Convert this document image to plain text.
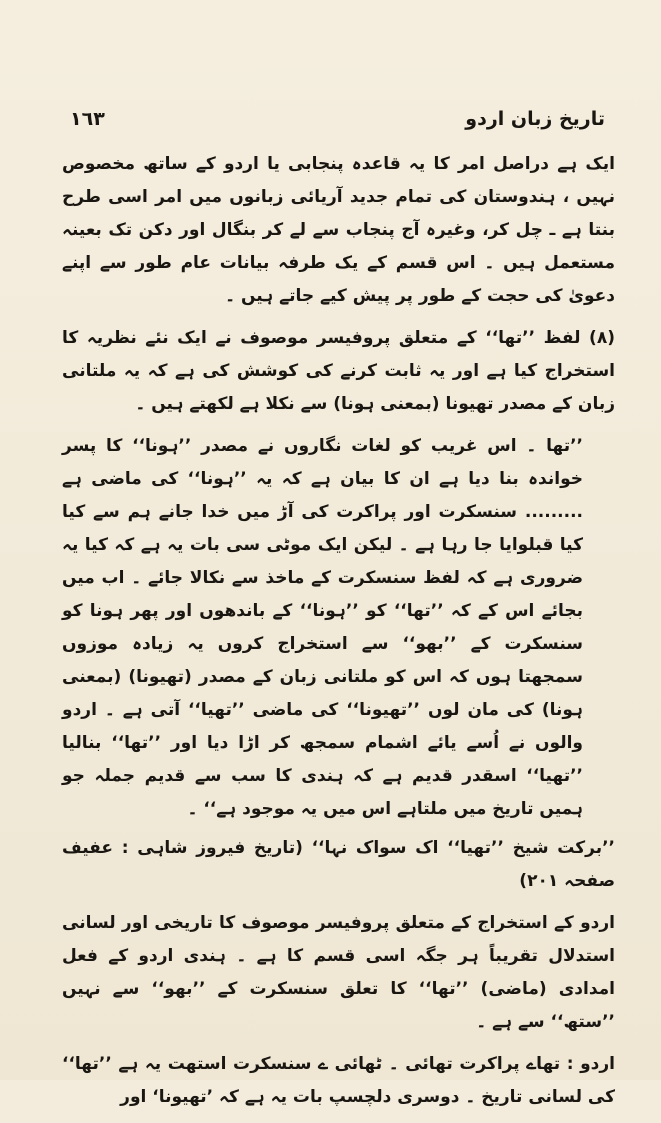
١٦٣	تاریخ زبان اردو

ایک ہے دراصل امر کا یہ قاعدہ پنجابی یا اردو کے ساتھ مخصوص نہیں ، ہندوستان کی تمام جدید آریائی زبانوں میں امر اسی طرح بنتا ہے ـ چل کر، وغیرہ آج پنجاب سے لے کر بنگال اور دکن تک بعینہ مستعمل ہیں ۔ اس قسم کے یک طرفہ بیانات عام طور سے اپنے دعویٰ کی حجت کے طور پر پیش کیے جاتے ہیں ۔

(۸) لفظ ’’تھا‘‘ کے متعلق پروفیسر موصوف نے ایک نئے نظریہ کا استخراج کیا ہے اور یہ ثابت کرنے کی کوشش کی ہے کہ یہ ملتانی زبان کے مصدر تھیونا (بمعنی ہونا) سے نکلا ہے لکھتے ہیں ۔

’’تھا ۔ اس غریب کو لغات نگاروں نے مصدر ’’ہونا‘‘ کا پسر خواندہ بنا دیا ہے ان کا بیان ہے کہ یہ ’’ہونا‘‘ کی ماضی ہے ......... سنسکرت اور پراکرت کی آڑ میں خدا جانے ہم سے کیا کیا قبلوایا جا رہا ہے ۔ لیکن ایک موٹی سی بات یہ ہے کہ کیا یہ ضروری ہے کہ لفظ سنسکرت کے ماخذ سے نکالا جائے ۔ اب میں بجائے اس کے کہ ’’تھا‘‘ کو ’’ہونا‘‘ کے باندھوں اور پھر ہونا کو سنسکرت کے ’’بھو‘‘ سے استخراج کروں یہ زیادہ موزوں سمجھتا ہوں کہ اس کو ملتانی زبان کے مصدر (تھیونا) (بمعنی ہونا) کی مان لوں ’’تھیونا‘‘ کی ماضی ’’تھیا‘‘ آتی ہے ۔ اردو والوں نے اُسے یائے اشمام سمجھ کر اڑا دیا اور ’’تھا‘‘ بنالیا ’’تھیا‘‘ اسقدر قدیم ہے کہ ہندی کا سب سے قدیم جملہ جو ہمیں تاریخ میں ملتاہے اس میں یہ موجود ہے‘‘ ۔

’’برکت شیخ ’’تھیا‘‘ اک سواک نہا‘‘ (تاریخ فیروز شاہی : عفیف صفحہ ۲۰۱)

اردو کے استخراج کے متعلق پروفیسر موصوف کا تاریخی اور لسانی استدلال تقریباً ہر جگہ اسی قسم کا ہے ۔ ہندی اردو کے فعل امدادی (ماضی) ’’تھا‘‘ کا تعلق سنسکرت کے ’’بھو‘‘ سے نہیں ’’ستھ‘‘ سے ہے ۔

اردو : تھاے پراکرت تھائی ۔ ٹھائی ے سنسکرت استھت یہ ہے ’’تھا‘‘ کی لسانی تاریخ ۔ دوسری دلچسپ بات یہ ہے کہ ’تھیونا‘ اور
